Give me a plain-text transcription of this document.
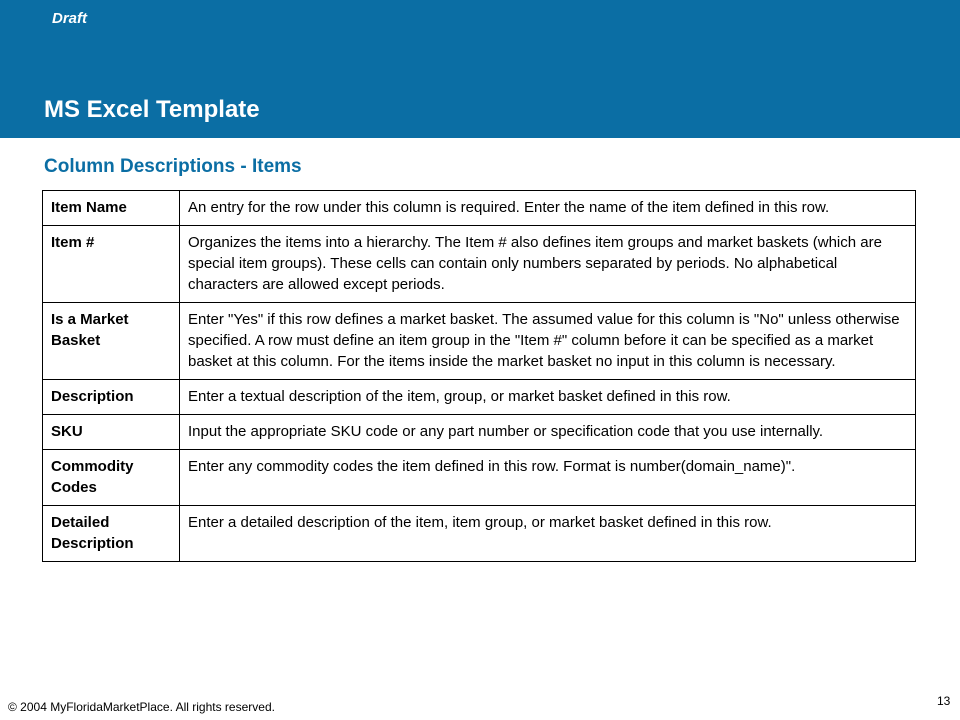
Draft
MS Excel Template
Column Descriptions - Items
Item Name	An entry for the row under this column is required. Enter the name of the item defined in this row.
Item #	Organizes the items into a hierarchy. The Item # also defines item groups and market baskets (which are special item groups). These cells can contain only numbers separated by periods. No alphabetical characters are allowed except periods.
Is a Market Basket	Enter "Yes" if this row defines a market basket. The assumed value for this column is "No" unless otherwise specified. A row must define an item group in the "Item #" column before it can be specified as a market basket at this column. For the items inside the market basket no input in this column is necessary.
Description	Enter a textual description of the item, group, or market basket defined in this row.
SKU	Input the appropriate SKU code or any part number or specification code that you use internally.
Commodity Codes	Enter any commodity codes the item defined in this row. Format is number(domain_name)".
Detailed Description	Enter a detailed description of the item, item group, or market basket defined in this row.
© 2004 MyFloridaMarketPlace. All rights reserved.	13
